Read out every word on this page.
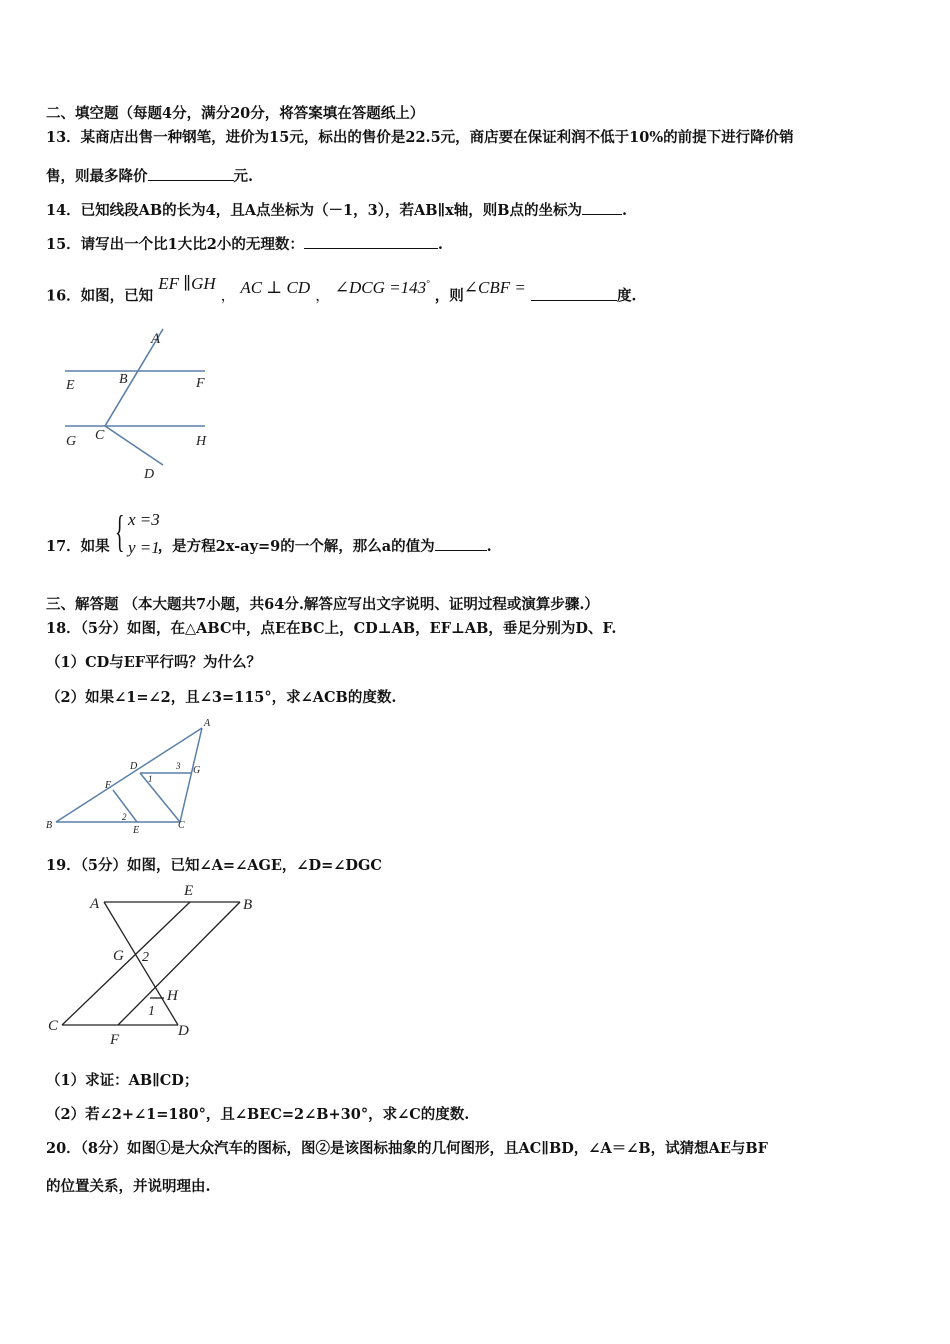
二、填空题（每题4分，满分20分，将答案填在答题纸上）
13．某商店出售一种钢笔，进价为15元，标出的售价是22.5元，商店要在保证利润不低于10%的前提下进行降价销
售，则最多降价	元.
14．已知线段AB的长为4，且A点坐标为（－1，3），若AB∥x轴，则B点的坐标为	.
15．请写出一个比1大比2小的无理数：	.
16．如图，已知 EF ∥GH ， AC ⊥ CD ， ∠DCG =143° ，则∠CBF =	度.
A
B
E	F
C
G	H
D
17．如果	，是方程2x-ay=9的一个解，那么a的值为	.
{ x =3
y =1
三、解答题 （本大题共7小题，共64分.解答应写出文字说明、证明过程或演算步骤.）
18．（5分）如图，在△ABC中，点E在BC上，CD⊥AB，EF⊥AB，垂足分别为D、F.
（1）CD与EF平行吗？为什么？
（2）如果∠1=∠2，且∠3=115°，求∠ACB的度数.
A
B	C
D
E
F
G
1
2
3
19．（5分）如图，已知∠A=∠AGE，∠D=∠DGC
A	B
E
G 2
H
1
C	D
F
（1）求证：AB∥CD；
（2）若∠2+∠1=180°，且∠BEC=2∠B+30°，求∠C的度数.
20．（8分）如图①是大众汽车的图标，图②是该图标抽象的几何图形，且AC∥BD，∠A＝∠B，试猜想AE与BF
的位置关系，并说明理由.
